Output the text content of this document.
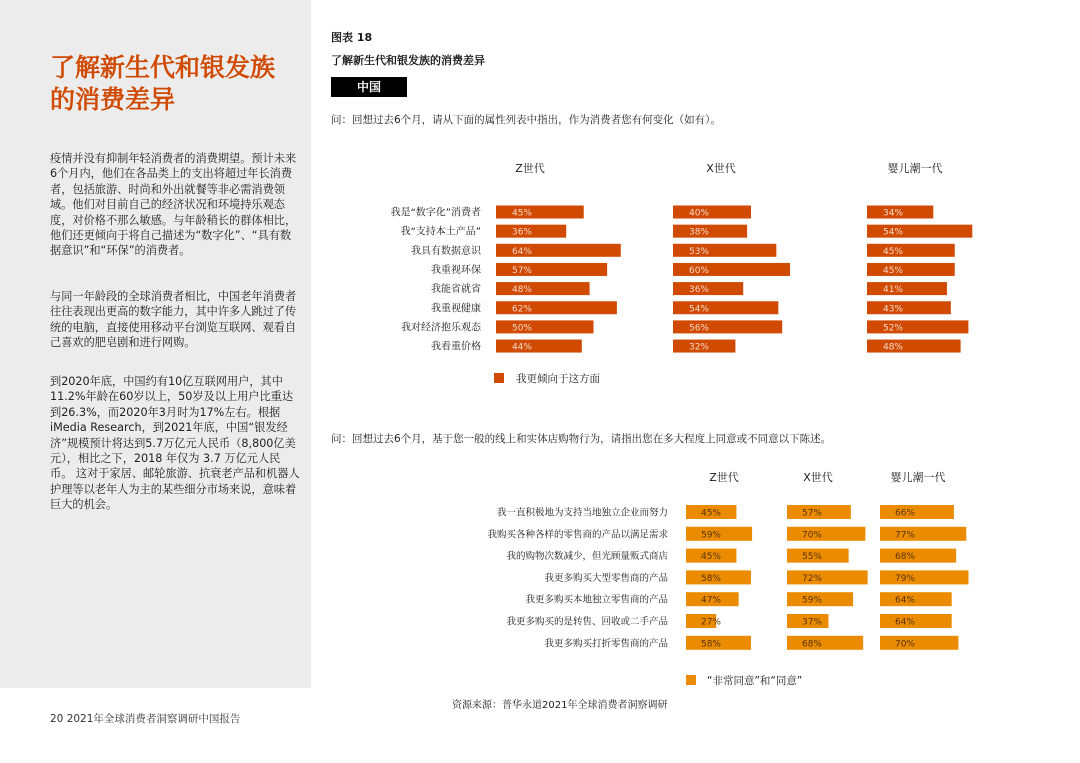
了解新生代和银发族
的消费差异

疫情并没有抑制年轻消费者的消费期望。预计未来6个月内，他们在各品类上的支出将超过年长消费者，包括旅游、时尚和外出就餐等非必需消费领域。他们对目前自己的经济状况和环境持乐观态度，对价格不那么敏感。与年龄稍长的群体相比，他们还更倾向于将自己描述为“数字化”、“具有数据意识”和“环保”的消费者。

与同一年龄段的全球消费者相比，中国老年消费者往往表现出更高的数字能力，其中许多人跳过了传统的电脑，直接使用移动平台浏览互联网、观看自己喜欢的肥皂剧和进行网购。

到2020年底，中国约有10亿互联网用户，其中11.2%年龄在60岁以上，50岁及以上用户比重达到26.3%，而2020年3月时为17%左右。根据iMedia Research，到2021年底，中国“银发经济”规模预计将达到5.7万亿元人民币（8,800亿美元），相比之下，2018 年仅为 3.7 万亿元人民币。 这对于家居、邮轮旅游、抗衰老产品和机器人护理等以老年人为主的某些细分市场来说，意味着巨大的机会。

20 2021年全球消费者洞察调研中国报告
图表 18
了解新生代和银发族的消费差异
中国
问：回想过去6个月，请从下面的属性列表中指出，作为消费者您有何变化（如有）。
问：回想过去6个月，基于您一般的线上和实体店购物行为，请指出您在多大程度上同意或不同意以下陈述。
资源来源：普华永道2021年全球消费者洞察调研
Z世代	X世代	婴儿潮一代
我是“数字化”消费者	45%	40%	34%
我“支持本土产品”	36%	38%	54%
我具有数据意识	64%	53%	45%
我重视环保	57%	60%	45%
我能省就省	48%	36%	41%
我重视健康	62%	54%	43%
我对经济抱乐观态	50%	56%	52%
我看重价格	44%	32%	48%
我更倾向于这方面
Z世代	X世代	婴儿潮一代
我一直积极地为支持当地独立企业而努力	45%	57%	66%
我购买各种各样的零售商的产品以满足需求	59%	70%	77%
我的购物次数减少，但光顾量贩式商店	45%	55%	68%
我更多购买大型零售商的产品	58%	72%	79%
我更多购买本地独立零售商的产品	47%	59%	64%
我更多购买的是转售、回收或二手产品	27%	37%	64%
我更多购买打折零售商的产品	58%	68%	70%
“非常同意”和“同意”
